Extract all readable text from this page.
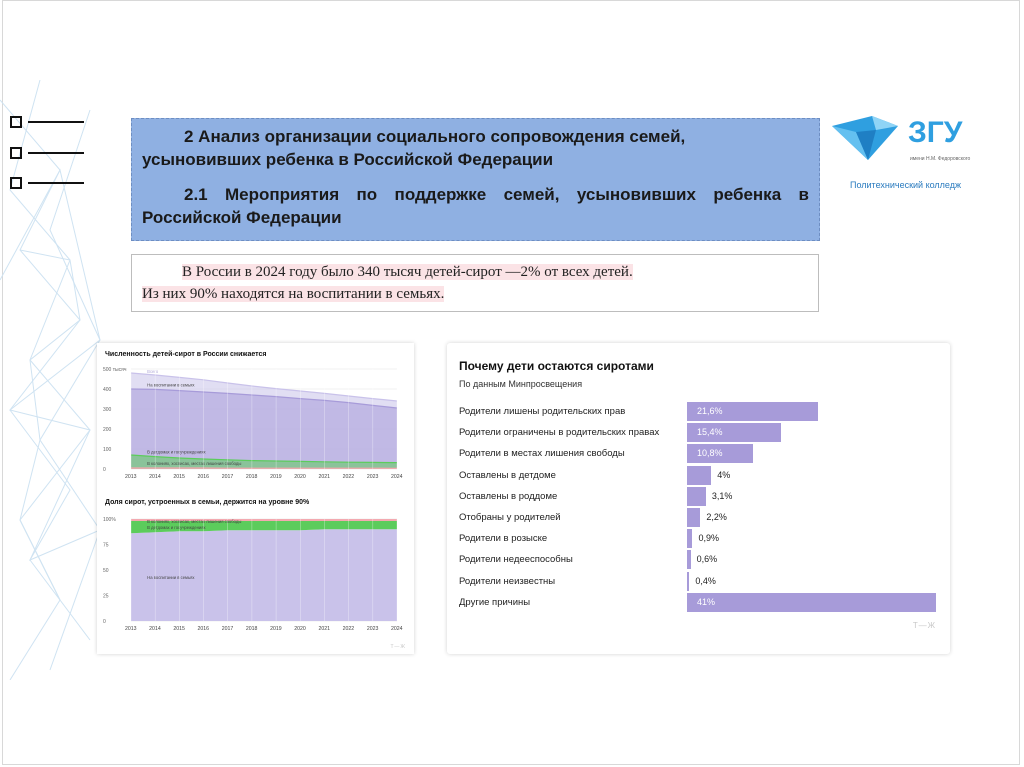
2 Анализ организации социального сопровождения семей, усыновивших ребенка в Российской Федерации

2.1 Мероприятия по поддержке семей, усыновивших ребенка в Российской Федерации

ЗГУ
имени Н.М. Федоровского
Политехнический колледж

В России в 2024 году было 340 тысяч детей-сирот —2% от всех детей.

Из них 90% находятся на воспитании в семьях.

Численность детей-сирот в России снижается
500 тысяч
400
300
200
100
0
Всего
На воспитании в семьях
В детдомах и госучреждениях
В колониях, хосписах, местах лишения свободы
2013 2014 2015 2016 2017 2018 2019 2020 2021 2022 2023 2024
Доля сирот, устроенных в семьи, держится на уровне 90%
100%
75
50
25
0
На воспитании в семьях
В детдомах и госучреждениях
В колониях, хосписах, местах лишения свободы
2013 2014 2015 2016 2017 2018 2019 2020 2021 2022 2023 2024
Т—Ж
Почему дети остаются сиротами
По данным Минпросвещения
Родители лишены родительских прав	21,6%
Родители ограничены в родительских правах	15,4%
Родители в местах лишения свободы	10,8%
Оставлены в детдоме	4%
Оставлены в роддоме	3,1%
Отобраны у родителей	2,2%
Родители в розыске	0,9%
Родители недееспособны	0,6%
Родители неизвестны	0,4%
Другие причины	41%
Т—Ж
